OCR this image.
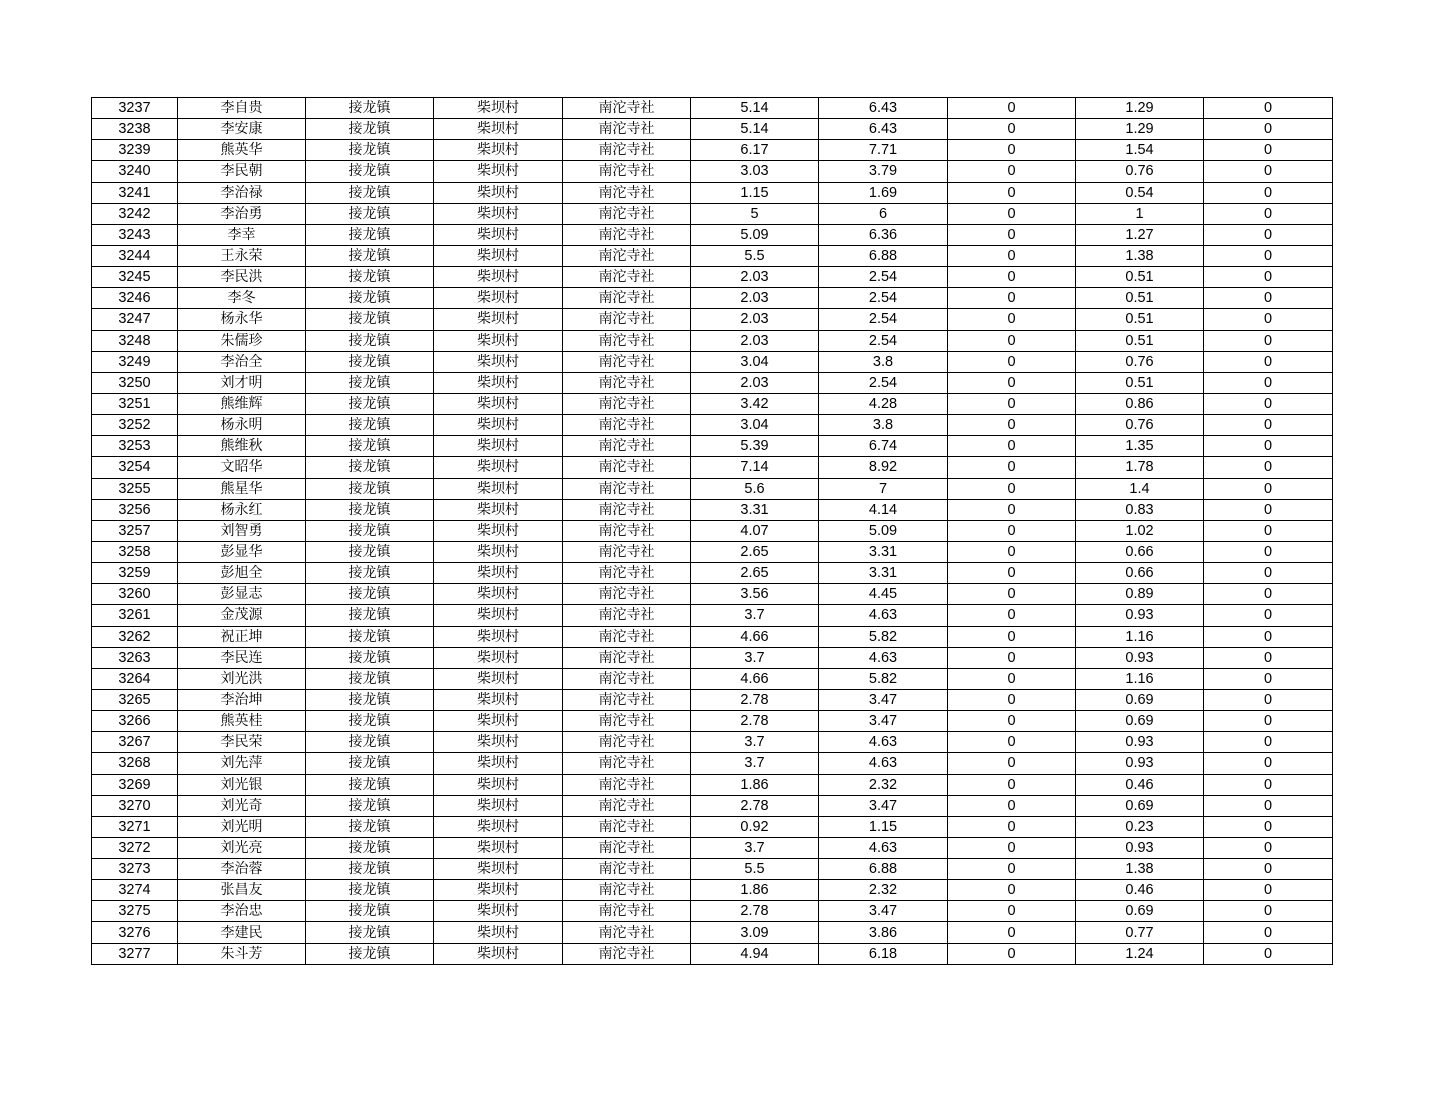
3237	李自贵	接龙镇	柴坝村	南沱寺社	5.14	6.43	0	1.29	0
3238	李安康	接龙镇	柴坝村	南沱寺社	5.14	6.43	0	1.29	0
3239	熊英华	接龙镇	柴坝村	南沱寺社	6.17	7.71	0	1.54	0
3240	李民朝	接龙镇	柴坝村	南沱寺社	3.03	3.79	0	0.76	0
3241	李治禄	接龙镇	柴坝村	南沱寺社	1.15	1.69	0	0.54	0
3242	李治勇	接龙镇	柴坝村	南沱寺社	5	6	0	1	0
3243	李幸	接龙镇	柴坝村	南沱寺社	5.09	6.36	0	1.27	0
3244	王永荣	接龙镇	柴坝村	南沱寺社	5.5	6.88	0	1.38	0
3245	李民洪	接龙镇	柴坝村	南沱寺社	2.03	2.54	0	0.51	0
3246	李冬	接龙镇	柴坝村	南沱寺社	2.03	2.54	0	0.51	0
3247	杨永华	接龙镇	柴坝村	南沱寺社	2.03	2.54	0	0.51	0
3248	朱儒珍	接龙镇	柴坝村	南沱寺社	2.03	2.54	0	0.51	0
3249	李治全	接龙镇	柴坝村	南沱寺社	3.04	3.8	0	0.76	0
3250	刘才明	接龙镇	柴坝村	南沱寺社	2.03	2.54	0	0.51	0
3251	熊维辉	接龙镇	柴坝村	南沱寺社	3.42	4.28	0	0.86	0
3252	杨永明	接龙镇	柴坝村	南沱寺社	3.04	3.8	0	0.76	0
3253	熊维秋	接龙镇	柴坝村	南沱寺社	5.39	6.74	0	1.35	0
3254	文昭华	接龙镇	柴坝村	南沱寺社	7.14	8.92	0	1.78	0
3255	熊星华	接龙镇	柴坝村	南沱寺社	5.6	7	0	1.4	0
3256	杨永红	接龙镇	柴坝村	南沱寺社	3.31	4.14	0	0.83	0
3257	刘智勇	接龙镇	柴坝村	南沱寺社	4.07	5.09	0	1.02	0
3258	彭显华	接龙镇	柴坝村	南沱寺社	2.65	3.31	0	0.66	0
3259	彭旭全	接龙镇	柴坝村	南沱寺社	2.65	3.31	0	0.66	0
3260	彭显志	接龙镇	柴坝村	南沱寺社	3.56	4.45	0	0.89	0
3261	金茂源	接龙镇	柴坝村	南沱寺社	3.7	4.63	0	0.93	0
3262	祝正坤	接龙镇	柴坝村	南沱寺社	4.66	5.82	0	1.16	0
3263	李民连	接龙镇	柴坝村	南沱寺社	3.7	4.63	0	0.93	0
3264	刘光洪	接龙镇	柴坝村	南沱寺社	4.66	5.82	0	1.16	0
3265	李治坤	接龙镇	柴坝村	南沱寺社	2.78	3.47	0	0.69	0
3266	熊英桂	接龙镇	柴坝村	南沱寺社	2.78	3.47	0	0.69	0
3267	李民荣	接龙镇	柴坝村	南沱寺社	3.7	4.63	0	0.93	0
3268	刘先萍	接龙镇	柴坝村	南沱寺社	3.7	4.63	0	0.93	0
3269	刘光银	接龙镇	柴坝村	南沱寺社	1.86	2.32	0	0.46	0
3270	刘光奇	接龙镇	柴坝村	南沱寺社	2.78	3.47	0	0.69	0
3271	刘光明	接龙镇	柴坝村	南沱寺社	0.92	1.15	0	0.23	0
3272	刘光亮	接龙镇	柴坝村	南沱寺社	3.7	4.63	0	0.93	0
3273	李治蓉	接龙镇	柴坝村	南沱寺社	5.5	6.88	0	1.38	0
3274	张昌友	接龙镇	柴坝村	南沱寺社	1.86	2.32	0	0.46	0
3275	李治忠	接龙镇	柴坝村	南沱寺社	2.78	3.47	0	0.69	0
3276	李建民	接龙镇	柴坝村	南沱寺社	3.09	3.86	0	0.77	0
3277	朱斗芳	接龙镇	柴坝村	南沱寺社	4.94	6.18	0	1.24	0
